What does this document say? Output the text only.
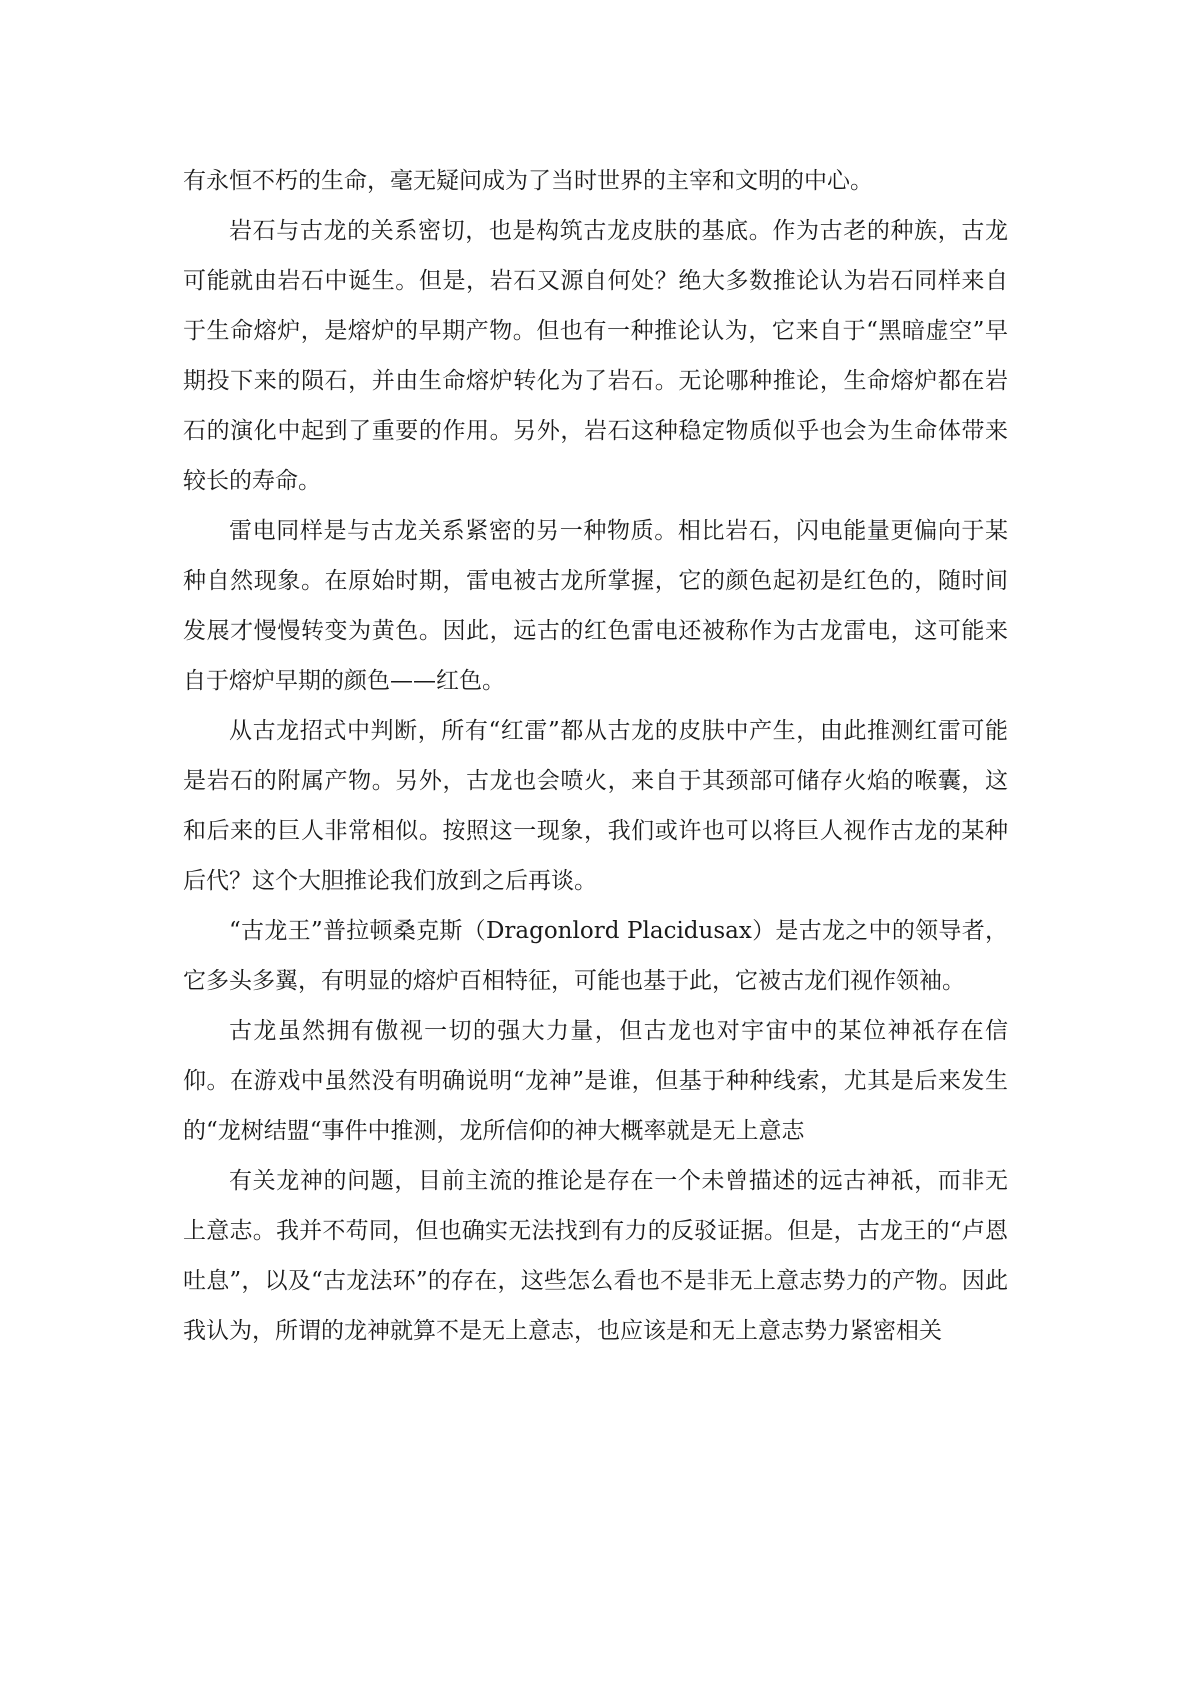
有永恒不朽的生命，毫无疑问成为了当时世界的主宰和文明的中心。

岩石与古龙的关系密切，也是构筑古龙皮肤的基底。作为古老的种族，古龙可能就由岩石中诞生。但是，岩石又源自何处？绝大多数推论认为岩石同样来自于生命熔炉，是熔炉的早期产物。但也有一种推论认为，它来自于“黑暗虚空”早期投下来的陨石，并由生命熔炉转化为了岩石。无论哪种推论，生命熔炉都在岩石的演化中起到了重要的作用。另外，岩石这种稳定物质似乎也会为生命体带来较长的寿命。

雷电同样是与古龙关系紧密的另一种物质。相比岩石，闪电能量更偏向于某种自然现象。在原始时期，雷电被古龙所掌握，它的颜色起初是红色的，随时间发展才慢慢转变为黄色。因此，远古的红色雷电还被称作为古龙雷电，这可能来自于熔炉早期的颜色——红色。

从古龙招式中判断，所有“红雷”都从古龙的皮肤中产生，由此推测红雷可能是岩石的附属产物。另外，古龙也会喷火，来自于其颈部可储存火焰的喉囊，这和后来的巨人非常相似。按照这一现象，我们或许也可以将巨人视作古龙的某种后代？这个大胆推论我们放到之后再谈。

“古龙王”普拉顿桑克斯（Dragonlord Placidusax）是古龙之中的领导者，它多头多翼，有明显的熔炉百相特征，可能也基于此，它被古龙们视作领袖。

古龙虽然拥有傲视一切的强大力量，但古龙也对宇宙中的某位神祇存在信仰。在游戏中虽然没有明确说明“龙神”是谁，但基于种种线索，尤其是后来发生的“龙树结盟“事件中推测，龙所信仰的神大概率就是无上意志

有关龙神的问题，目前主流的推论是存在一个未曾描述的远古神祇，而非无上意志。我并不苟同，但也确实无法找到有力的反驳证据。但是，古龙王的“卢恩吐息”，以及“古龙法环”的存在，这些怎么看也不是非无上意志势力的产物。因此我认为，所谓的龙神就算不是无上意志，也应该是和无上意志势力紧密相关
